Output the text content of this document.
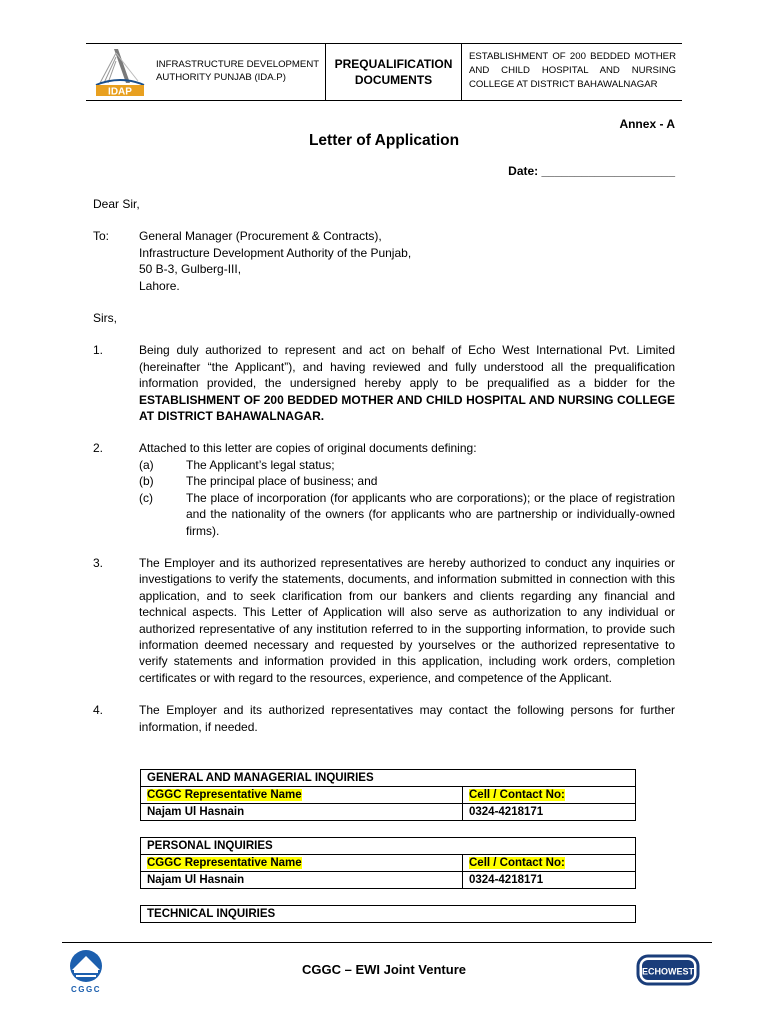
IDAP
INFRASTRUCTURE DEVELOPMENT
AUTHORITY PUNJAB (IDA.P)
PREQUALIFICATION
DOCUMENTS
ESTABLISHMENT OF 200 BEDDED MOTHER AND CHILD HOSPITAL AND NURSING COLLEGE AT DISTRICT BAHAWALNAGAR
Annex - A
Letter of Application
Date: ____________________

Dear Sir,

To:	General Manager (Procurement & Contracts),
Infrastructure Development Authority of the Punjab,
50 B-3, Gulberg-III,
Lahore.

Sirs,

1.	Being duly authorized to represent and act on behalf of Echo West International Pvt. Limited (hereinafter “the Applicant”), and having reviewed and fully understood all the prequalification information provided, the undersigned hereby apply to be prequalified as a bidder for the ESTABLISHMENT OF 200 BEDDED MOTHER AND CHILD HOSPITAL AND NURSING COLLEGE AT DISTRICT BAHAWALNAGAR.
2.	Attached to this letter are copies of original documents defining:
(a)	The Applicant’s legal status;
(b)	The principal place of business; and
(c)	The place of incorporation (for applicants who are corporations); or the place of registration and the nationality of the owners (for applicants who are partnership or individually-owned firms).
3.	The Employer and its authorized representatives are hereby authorized to conduct any inquiries or investigations to verify the statements, documents, and information submitted in connection with this application, and to seek clarification from our bankers and clients regarding any financial and technical aspects. This Letter of Application will also serve as authorization to any individual or authorized representative of any institution referred to in the supporting information, to provide such information deemed necessary and requested by yourselves or the authorized representative to verify statements and information provided in this application, including work orders, completion certificates or with regard to the resources, experience, and competence of the Applicant.
4.	The Employer and its authorized representatives may contact the following persons for further information, if needed.
GENERAL AND MANAGERIAL INQUIRIES	
CGGC Representative Name	Cell / Contact No:
Najam Ul Hasnain	0324-4218171
PERSONAL INQUIRIES	
CGGC Representative Name	Cell / Contact No:
Najam Ul Hasnain	0324-4218171
TECHNICAL INQUIRIES
CGGC
CGGC – EWI Joint Venture	ECHOWEST
